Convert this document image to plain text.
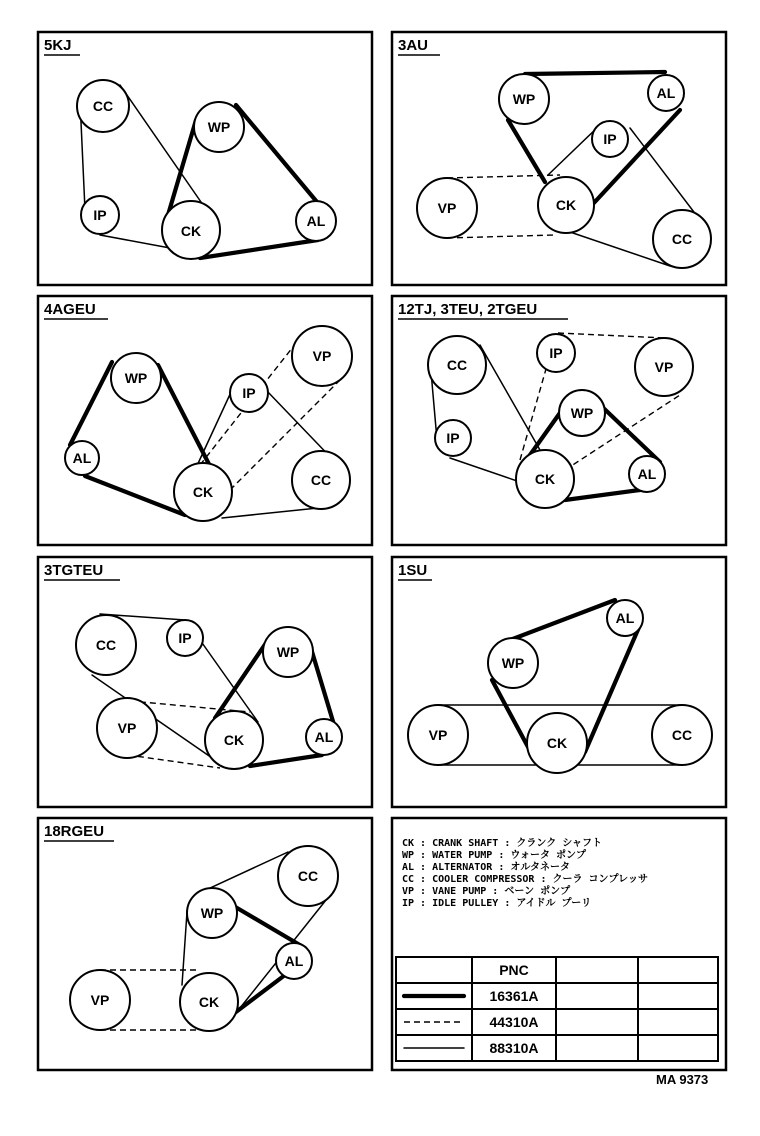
5KJ
CC
IP
WP
CK
AL
3AU
WP	AL
IP
VP	CK
CC
4AGEU
WP
VP
IP
AL
CK
CC
12TJ, 3TEU, 2TGEU
CC
IP
VP
WP
IP
CK	AL
3TGTEU
CC	IP
WP
VP
CK	AL
1SU
AL
WP
VP	CK	CC
18RGEU
CC
WP
AL
VP	CK
CK : CRANK SHAFT : クランク シャフト
WP : WATER PUMP : ウォータ ポンプ
AL : ALTERNATOR : オルタネータ
CC : COOLER COMPRESSOR : クーラ コンプレッサ
VP : VANE PUMP : ベーン ポンプ
IP : IDLE PULLEY : アイドル プーリ
PNC
16361A
44310A
88310A
MA 9373
